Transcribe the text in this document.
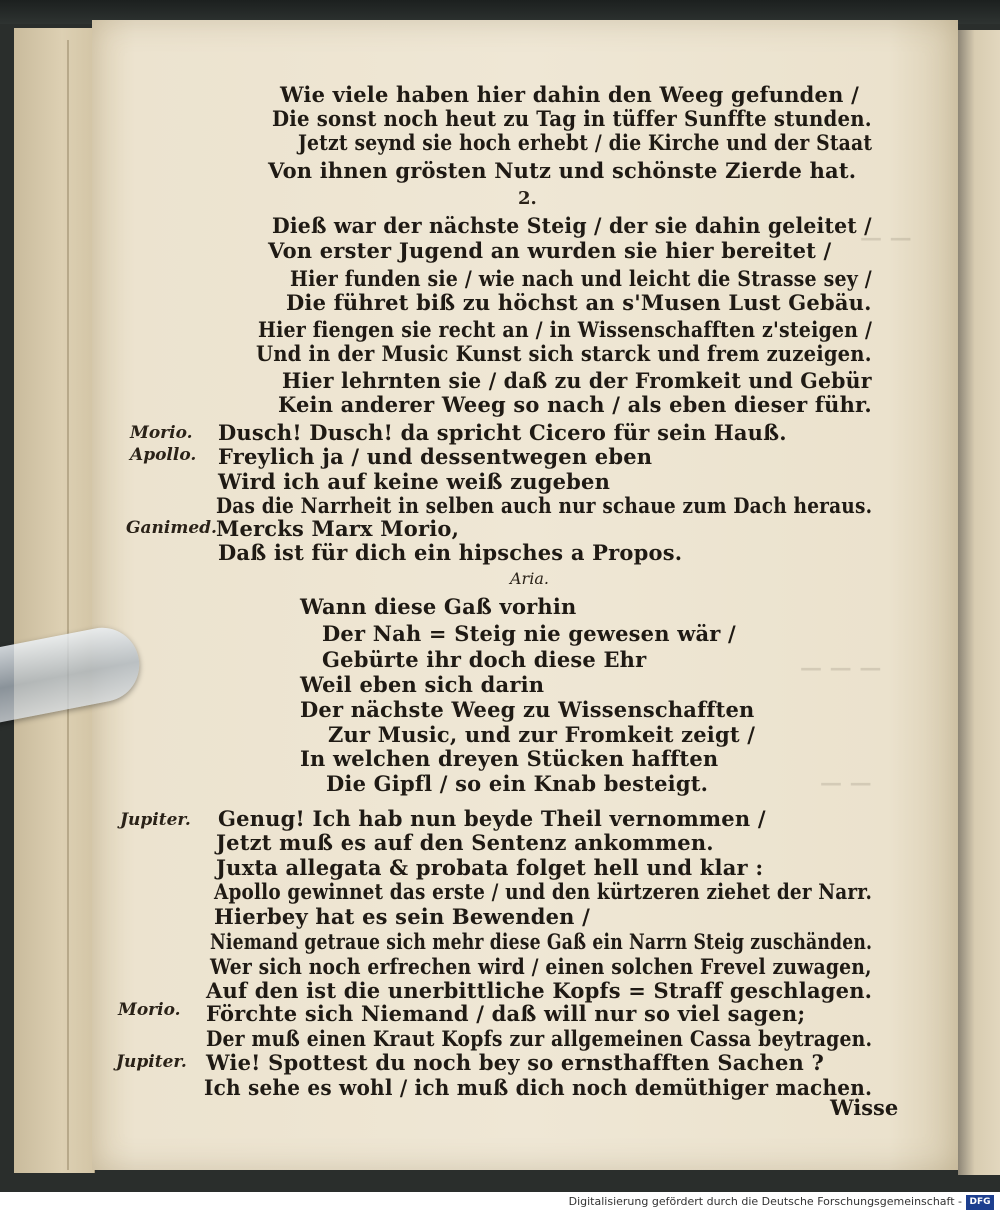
— —
— — —
— —
Morio.
Apollo.
Ganimed.
Jupiter.
Morio.
Jupiter.
Wie viele haben hier dahin den Weeg gefunden /
Die sonst noch heut zu Tag in tüffer Sunffte stunden.
Jetzt seynd sie hoch erhebt / die Kirche und der Staat
Von ihnen grösten Nutz und schönste Zierde hat.
2.
Dieß war der nächste Steig / der sie dahin geleitet /
Von erster Jugend an wurden sie hier bereitet /
Hier funden sie / wie nach und leicht die Strasse sey /
Die führet biß zu höchst an s'Musen Lust Gebäu.
Hier fiengen sie recht an / in Wissenschafften z'steigen /
Und in der Music Kunst sich starck und frem zuzeigen.
Hier lehrnten sie / daß zu der Fromkeit und Gebür
Kein anderer Weeg so nach / als eben dieser führ.
Dusch! Dusch! da spricht Cicero für sein Hauß.
Freylich ja / und dessentwegen eben
Wird ich auf keine weiß zugeben
Das die Narrheit in selben auch nur schaue zum Dach heraus.
Mercks Marx Morio,
Daß ist für dich ein hipsches a Propos.
Aria.
Wann diese Gaß vorhin
Der Nah = Steig nie gewesen wär /
Gebürte ihr doch diese Ehr
Weil eben sich darin
Der nächste Weeg zu Wissenschafften
Zur Music, und zur Fromkeit zeigt /
In welchen dreyen Stücken hafften
Die Gipfl / so ein Knab besteigt.
Genug! Ich hab nun beyde Theil vernommen /
Jetzt muß es auf den Sentenz ankommen.
Juxta allegata & probata folget hell und klar :
Apollo gewinnet das erste / und den kürtzeren ziehet der Narr.
Hierbey hat es sein Bewenden /
Niemand getraue sich mehr diese Gaß ein Narrn Steig zuschänden.
Wer sich noch erfrechen wird / einen solchen Frevel zuwagen,
Auf den ist die unerbittliche Kopfs = Straff geschlagen.
Förchte sich Niemand / daß will nur so viel sagen;
Der muß einen Kraut Kopfs zur allgemeinen Cassa beytragen.
Wie! Spottest du noch bey so ernsthafften Sachen ?
Ich sehe es wohl / ich muß dich noch demüthiger machen.
Wisse
Digitalisierung gefördert durch die Deutsche Forschungsgemeinschaft - DFG
